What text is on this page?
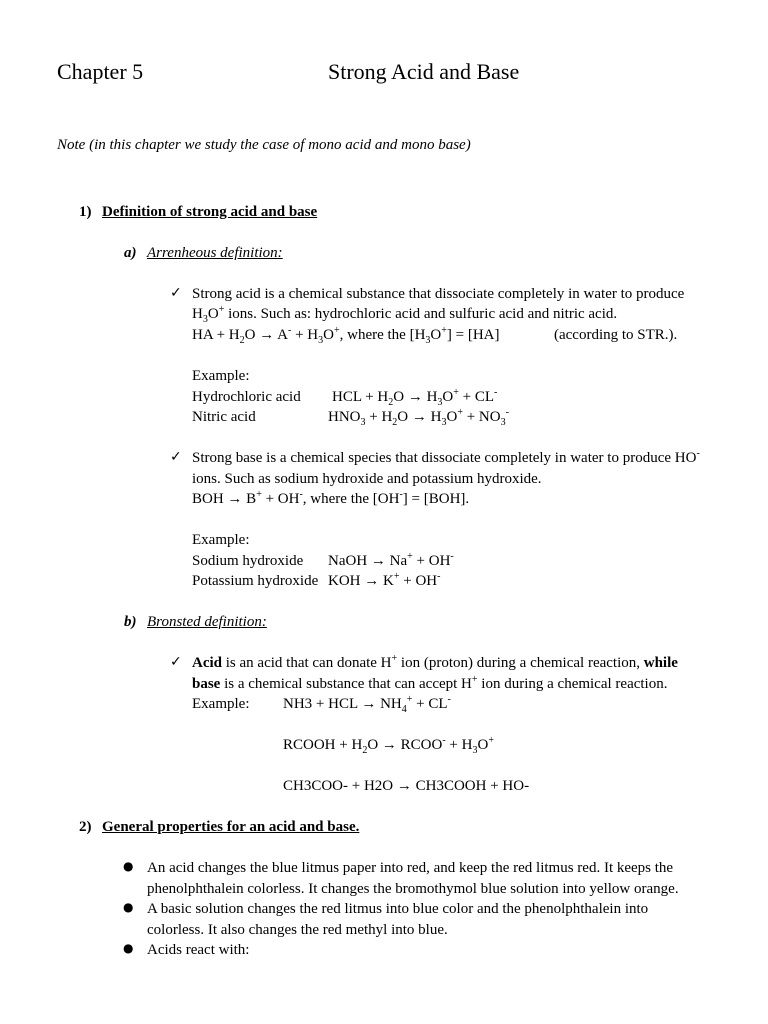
Chapter 5	Strong Acid and Base
Note (in this chapter we study the case of mono acid and mono base)
1) Definition of strong acid and base
a) Arrenheous definition:
✓ Strong acid is a chemical substance that dissociate completely in water to produce
$H_3O^+$ ions. Such as: hydrochloric acid and sulfuric acid and nitric acid.
HA + $H_2O \to A^- + H_3O^+$, where the $[H_3O^+] = [HA]$	(according to STR.).
Example:
Hydrochloric acid HCL + $H_2O \to H_3O^+ + CL^-$
Nitric acid	$HNO_3 + H_2O \to H_3O^+ + NO_3^-$
✓ Strong base is a chemical species that dissociate completely in water to produce HO-
ions. Such as sodium hydroxide and potassium hydroxide.
BOH → B+ + OH-, where the [OH-] = [BOH].
Example:
Sodium hydroxide NaOH → Na+ + OH-
Potassium hydroxide KOH → K+ + OH-
b) Bronsted definition:
✓ Acid is an acid that can donate H+ ion (proton) during a chemical reaction, while
base is a chemical substance that can accept H+ ion during a chemical reaction.
Example: NH3 + HCL → $NH_4^+ + CL^-$
RCOOH + $H_2O$ → RCOO- + $H_3O^+$
CH3COO- + H2O → CH3COOH + HO-
2) General properties for an acid and base.
● An acid changes the blue litmus paper into red, and keep the red litmus red. It keeps the
phenolphthalein colorless. It changes the bromothymol blue solution into yellow orange.
● A basic solution changes the red litmus into blue color and the phenolphthalein into
colorless. It also changes the red methyl into blue.
● Acids react with:
